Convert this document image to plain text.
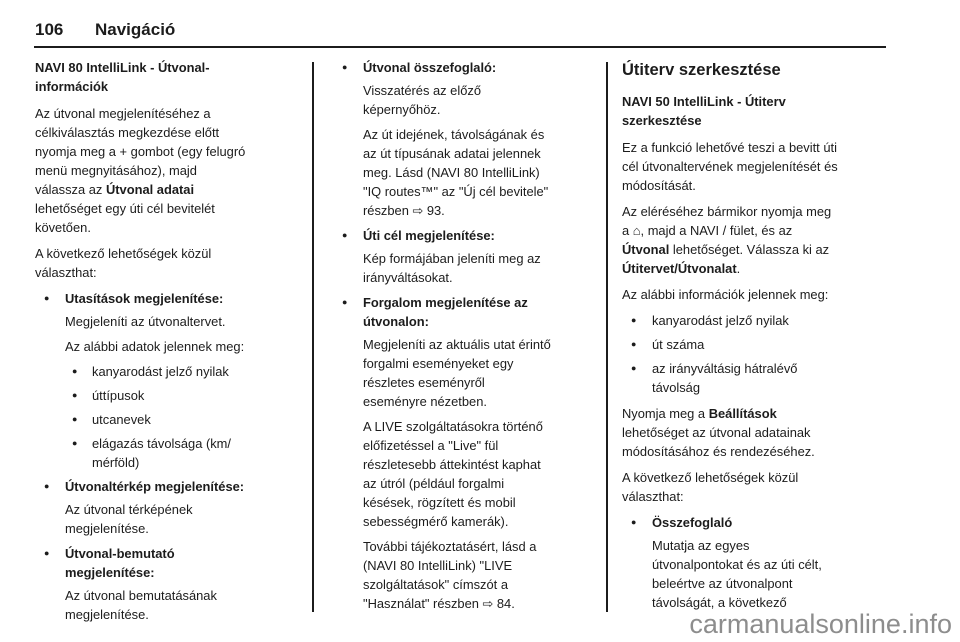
106 Navigáció
NAVI 80 IntelliLink - Útvonal-
információk
Az útvonal megjelenítéséhez a
célkiválasztás megkezdése előtt
nyomja meg a + gombot (egy felugró
menü megnyitásához), majd
válassza az Útvonal adatai
lehetőséget egy úti cél bevitelét
követően.
A következő lehetőségek közül
választhat:
● Utasítások megjelenítése:
Megjeleníti az útvonaltervet.
Az alábbi adatok jelennek meg:
● kanyarodást jelző nyilak
● úttípusok
● utcanevek
● elágazás távolsága (km/
mérföld)
● Útvonaltérkép megjelenítése:
Az útvonal térképének
megjelenítése.
● Útvonal-bemutató
megjelenítése:
Az útvonal bemutatásának
megjelenítése.
● Útvonal összefoglaló:
Visszatérés az előző
képernyőhöz.
Az út idejének, távolságának és
az út típusának adatai jelennek
meg. Lásd (NAVI 80 IntelliLink)
"IQ routes™" az "Új cél bevitele"
részben ⇨ 93.
● Úti cél megjelenítése:
Kép formájában jeleníti meg az
irányváltásokat.
● Forgalom megjelenítése az
útvonalon:
Megjeleníti az aktuális utat érintő
forgalmi eseményeket egy
részletes eseményről
eseményre nézetben.
A LIVE szolgáltatásokra történő
előfizetéssel a "Live" fül
részletesebb áttekintést kaphat
az útról (például forgalmi
késések, rögzített és mobil
sebességmérő kamerák).
További tájékoztatásért, lásd a
(NAVI 80 IntelliLink) "LIVE
szolgáltatások" címszót a
"Használat" részben ⇨ 84.
Útiterv szerkesztése
NAVI 50 IntelliLink - Útiterv
szerkesztése
Ez a funkció lehetővé teszi a bevitt úti
cél útvonaltervének megjelenítését és
módosítását.
Az eléréséhez bármikor nyomja meg
a ⌂, majd a NAVI / fület, és az
Útvonal lehetőséget. Válassza ki az
Útitervet/Útvonalat.
Az alábbi információk jelennek meg:
● kanyarodást jelző nyilak
● út száma
● az irányváltásig hátralévő
távolság
Nyomja meg a Beállítások
lehetőséget az útvonal adatainak
módosításához és rendezéséhez.
A következő lehetőségek közül
választhat:
● Összefoglaló
Mutatja az egyes
útvonalpontokat és az úti célt,
beleértve az útvonalpont
távolságát, a következő
carmanualsonline.info
